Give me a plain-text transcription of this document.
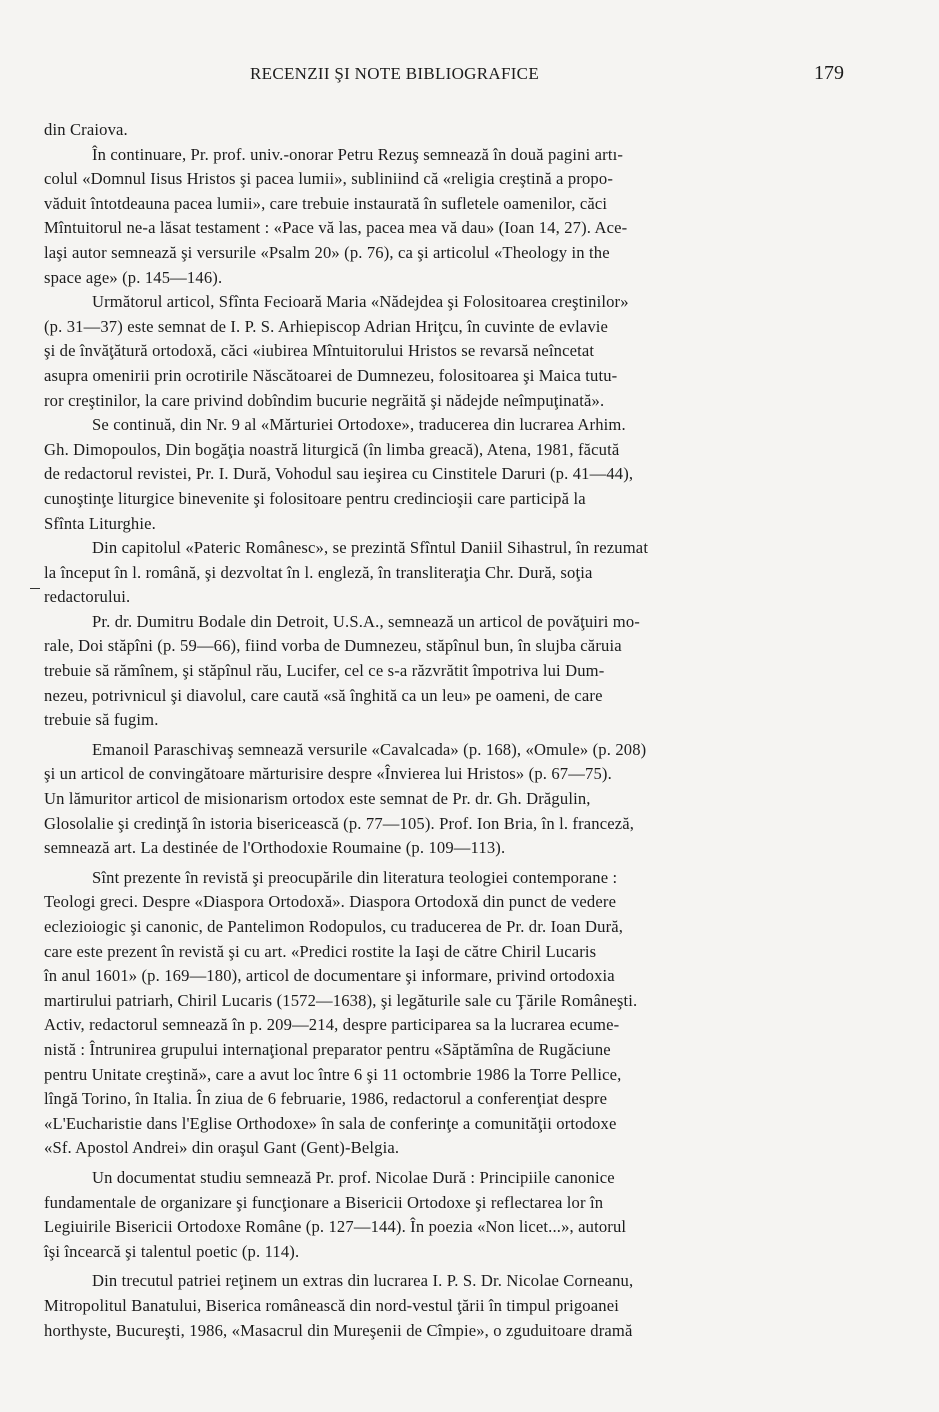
RECENZII ŞI NOTE BIBLIOGRAFICE	179
din Craiova.
În continuare, Pr. prof. univ.-onorar Petru Rezuş semnează în două pagini artı-
colul «Domnul Iisus Hristos şi pacea lumii», subliniind că «religia creştină a propo-
văduit întotdeauna pacea lumii», care trebuie instaurată în sufletele oamenilor, căci
Mîntuitorul ne-a lăsat testament : «Pace vă las, pacea mea vă dau» (Ioan 14, 27). Ace-
laşi autor semnează şi versurile «Psalm 20» (p. 76), ca şi articolul «Theology in the
space age» (p. 145—146).
Următorul articol, Sfînta Fecioară Maria «Nădejdea şi Folositoarea creştinilor»
(p. 31—37) este semnat de I. P. S. Arhiepiscop Adrian Hriţcu, în cuvinte de evlavie
şi de învăţătură ortodoxă, căci «iubirea Mîntuitorului Hristos se revarsă neîncetat
asupra omenirii prin ocrotirile Născătoarei de Dumnezeu, folositoarea şi Maica tutu-
ror creştinilor, la care privind dobîndim bucurie negrăită şi nădejde neîmpuţinată».
Se continuă, din Nr. 9 al «Mărturiei Ortodoxe», traducerea din lucrarea Arhim.
Gh. Dimopoulos, Din bogăţia noastră liturgică (în limba greacă), Atena, 1981, făcută
de redactorul revistei, Pr. I. Dură, Vohodul sau ieşirea cu Cinstitele Daruri (p. 41—44),
cunoştinţe liturgice binevenite şi folositoare pentru credincioşii care participă la
Sfînta Liturghie.
Din capitolul «Pateric Românesc», se prezintă Sfîntul Daniil Sihastrul, în rezumat
la început în l. română, şi dezvoltat în l. engleză, în transliteraţia Chr. Dură, soţia
redactorului.
Pr. dr. Dumitru Bodale din Detroit, U.S.A., semnează un articol de povăţuiri mo-
rale, Doi stăpîni (p. 59—66), fiind vorba de Dumnezeu, stăpînul bun, în slujba căruia
trebuie să rămînem, şi stăpînul rău, Lucifer, cel ce s-a răzvrătit împotriva lui Dum-
nezeu, potrivnicul şi diavolul, care caută «să înghită ca un leu» pe oameni, de care
trebuie să fugim.
Emanoil Paraschivaş semnează versurile «Cavalcada» (p. 168), «Omule» (p. 208)
şi un articol de convingătoare mărturisire despre «Învierea lui Hristos» (p. 67—75).
Un lămuritor articol de misionarism ortodox este semnat de Pr. dr. Gh. Drăgulin,
Glosolalie şi credinţă în istoria bisericească (p. 77—105). Prof. Ion Bria, în l. franceză,
semnează art. La destinée de l'Orthodoxie Roumaine (p. 109—113).
Sînt prezente în revistă şi preocupările din literatura teologiei contemporane :
Teologi greci. Despre «Diaspora Ortodoxă». Diaspora Ortodoxă din punct de vedere
eclezioiogic şi canonic, de Pantelimon Rodopulos, cu traducerea de Pr. dr. Ioan Dură,
care este prezent în revistă şi cu art. «Predici rostite la Iaşi de către Chiril Lucaris
în anul 1601» (p. 169—180), articol de documentare şi informare, privind ortodoxia
martirului patriarh, Chiril Lucaris (1572—1638), şi legăturile sale cu Ţările Româneşti.
Activ, redactorul semnează în p. 209—214, despre participarea sa la lucrarea ecume-
nistă : Întrunirea grupului internaţional preparator pentru «Săptămîna de Rugăciune
pentru Unitate creştină», care a avut loc între 6 şi 11 octombrie 1986 la Torre Pellice,
lîngă Torino, în Italia. În ziua de 6 februarie, 1986, redactorul a conferenţiat despre
«L'Eucharistie dans l'Eglise Orthodoxe» în sala de conferinţe a comunităţii ortodoxe
«Sf. Apostol Andrei» din oraşul Gant (Gent)-Belgia.
Un documentat studiu semnează Pr. prof. Nicolae Dură : Principiile canonice
fundamentale de organizare şi funcţionare a Bisericii Ortodoxe şi reflectarea lor în
Legiuirile Bisericii Ortodoxe Române (p. 127—144). În poezia «Non licet...», autorul
îşi încearcă şi talentul poetic (p. 114).
Din trecutul patriei reţinem un extras din lucrarea I. P. S. Dr. Nicolae Corneanu,
Mitropolitul Banatului, Biserica românească din nord-vestul ţării în timpul prigoanei
horthyste, Bucureşti, 1986, «Masacrul din Mureşenii de Cîmpie», o zguduitoare dramă
